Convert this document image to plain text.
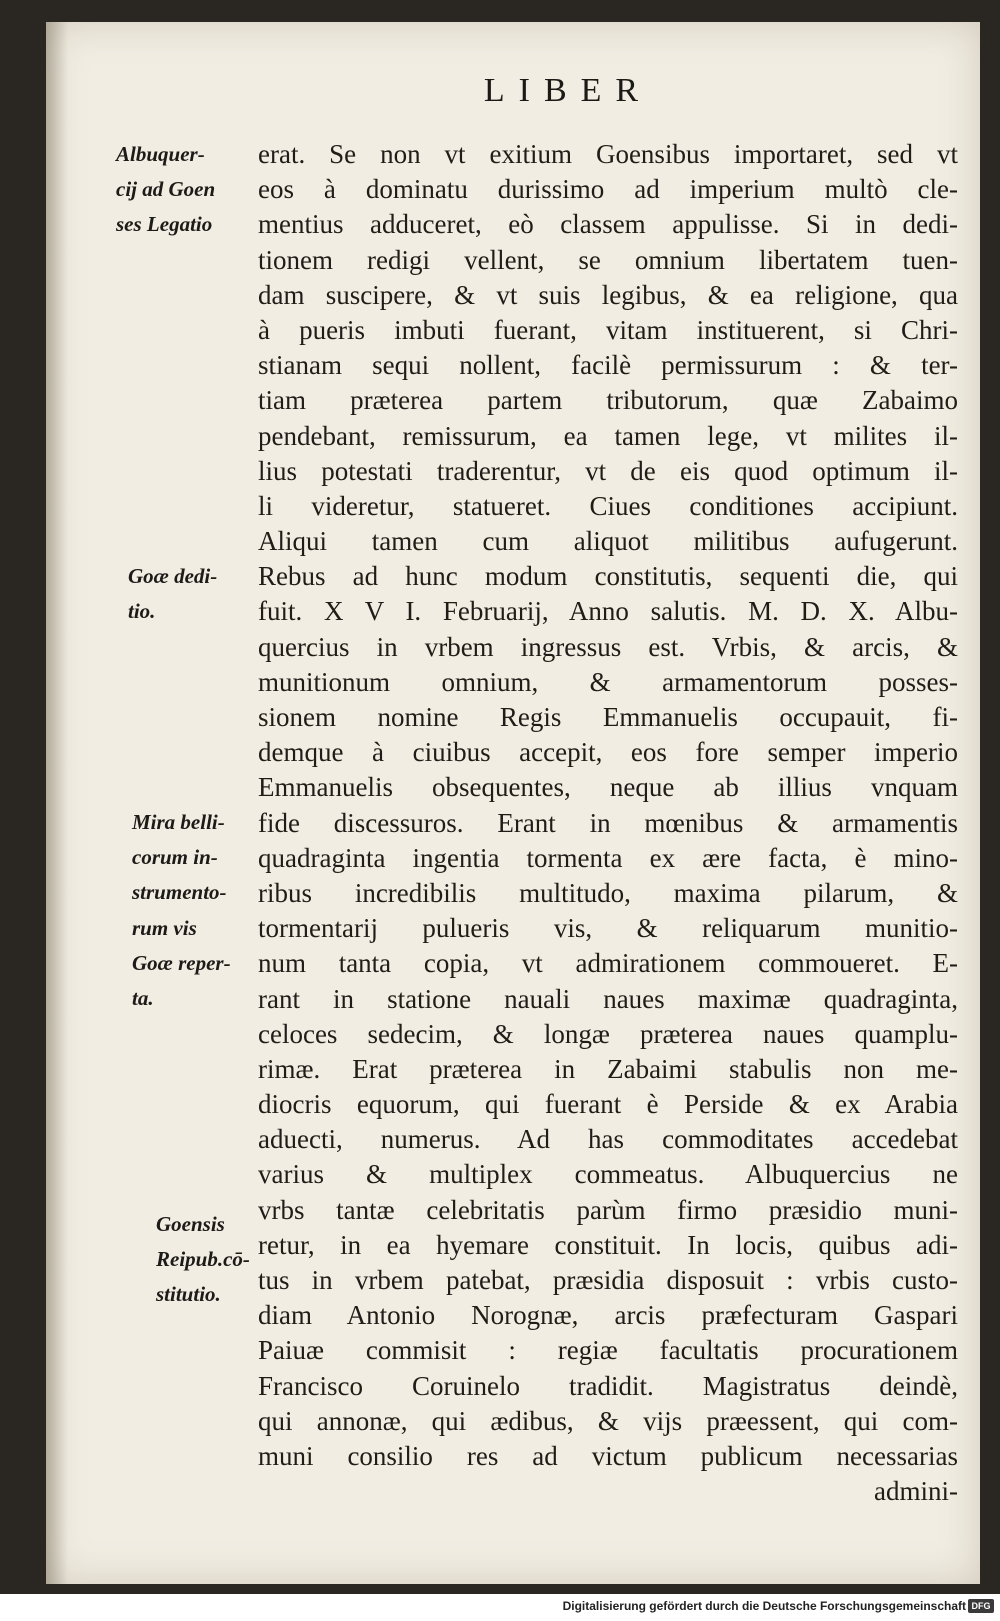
LIBER
erat. Se non vt exitium Goensibus importaret, sed vt
eos à dominatu durissimo ad imperium multò cle-
mentius adduceret, eò classem appulisse. Si in dedi-
tionem redigi vellent, se omnium libertatem tuen-
dam suscipere, & vt suis legibus, & ea religione, qua
à pueris imbuti fuerant, vitam instituerent, si Chri-
stianam sequi nollent, facilè permissurum : & ter-
tiam præterea partem tributorum, quæ Zabaimo
pendebant, remissurum, ea tamen lege, vt milites il-
lius potestati traderentur, vt de eis quod optimum il-
li videretur, statueret. Ciues conditiones accipiunt.
Aliqui tamen cum aliquot militibus aufugerunt.
Rebus ad hunc modum constitutis, sequenti die, qui
fuit. X V I. Februarij, Anno salutis. M. D. X. Albu-
quercius in vrbem ingressus est. Vrbis, & arcis, &
munitionum omnium, & armamentorum posses-
sionem nomine Regis Emmanuelis occupauit, fi-
demque à ciuibus accepit, eos fore semper imperio
Emmanuelis obsequentes, neque ab illius vnquam
fide discessuros. Erant in mœnibus & armamentis
quadraginta ingentia tormenta ex ære facta, è mino-
ribus incredibilis multitudo, maxima pilarum, &
tormentarij pulueris vis, & reliquarum munitio-
num tanta copia, vt admirationem commoueret. E-
rant in statione nauali naues maximæ quadraginta,
celoces sedecim, & longæ præterea naues quamplu-
rimæ. Erat præterea in Zabaimi stabulis non me-
diocris equorum, qui fuerant è Perside & ex Arabia
aduecti, numerus. Ad has commoditates accedebat
varius & multiplex commeatus. Albuquercius ne
vrbs tantæ celebritatis parùm firmo præsidio muni-
retur, in ea hyemare constituit. In locis, quibus adi-
tus in vrbem patebat, præsidia disposuit : vrbis custo-
diam Antonio Norognæ, arcis præfecturam Gaspari
Paiuæ commisit : regiæ facultatis procurationem
Francisco Coruinelo tradidit. Magistratus deindè,
qui annonæ, qui ædibus, & vijs præessent, qui com-
muni consilio res ad victum publicum necessarias
admini-
Albuquer-
cij ad Goen
ses Legatio
Goæ dedi-
tio.
Mira belli-
corum in-
strumento-
rum vis
Goæ reper-
ta.
Goensis
Reipub.cō-
stitutio.
Digitalisierung gefördert durch die Deutsche Forschungsgemeinschaft DFG
